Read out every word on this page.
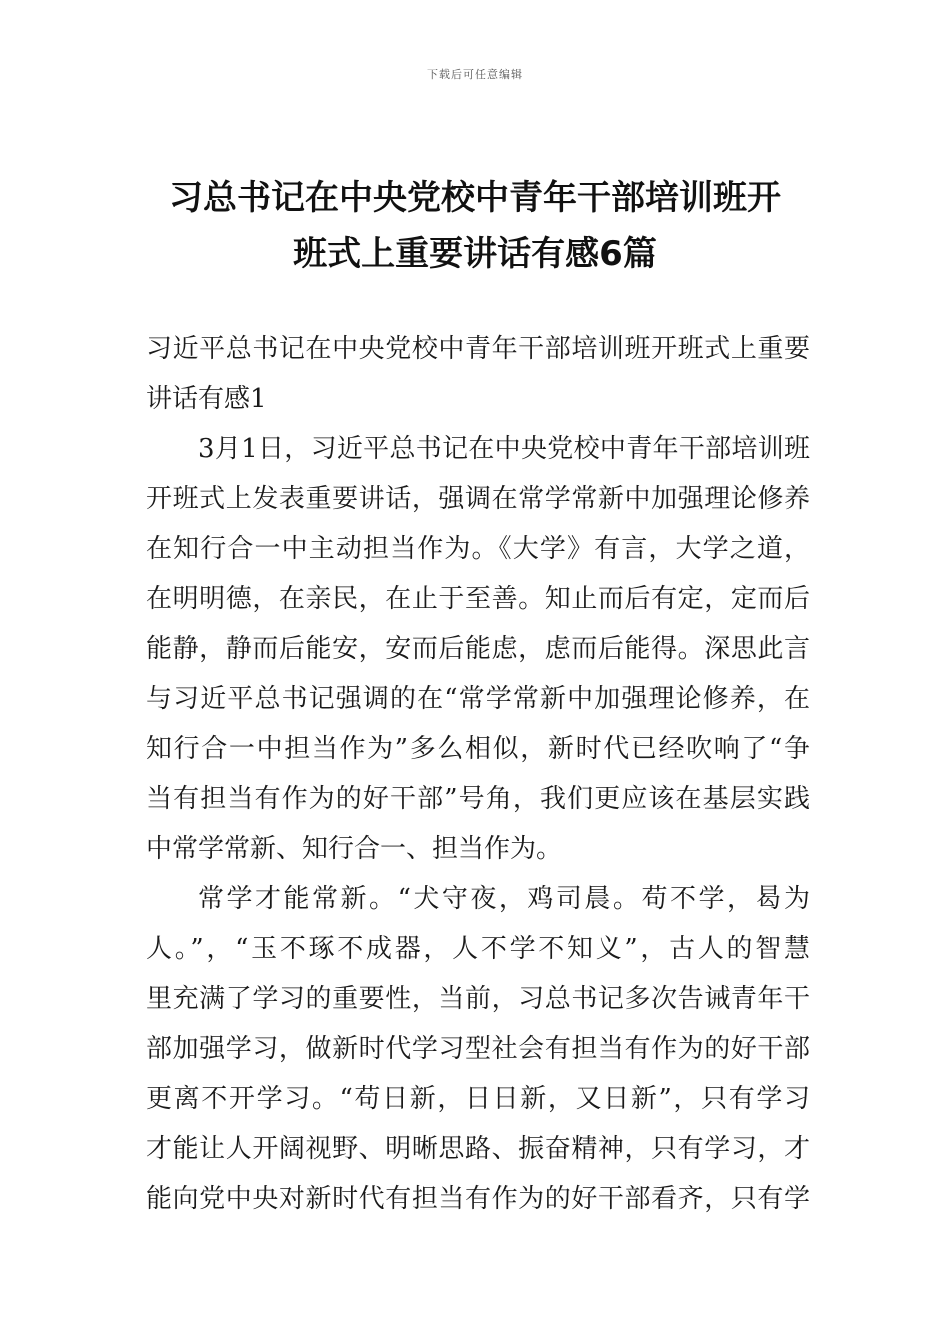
下载后可任意编辑
习总书记在中央党校中青年干部培训班开
班式上重要讲话有感6篇
习近平总书记在中央党校中青年干部培训班开班式上重要
讲话有感1
3月1日，习近平总书记在中央党校中青年干部培训班
开班式上发表重要讲话，强调在常学常新中加强理论修养
在知行合一中主动担当作为。《大学》有言，大学之道，
在明明德，在亲民，在止于至善。知止而后有定，定而后
能静，静而后能安，安而后能虑，虑而后能得。深思此言
与习近平总书记强调的在“常学常新中加强理论修养，在
知行合一中担当作为”多么相似，新时代已经吹响了“争
当有担当有作为的好干部”号角，我们更应该在基层实践
中常学常新、知行合一、担当作为。
常学才能常新。“犬守夜，鸡司晨。苟不学，曷为
人。”，“玉不琢不成器，人不学不知义”，古人的智慧
里充满了学习的重要性，当前，习总书记多次告诫青年干
部加强学习，做新时代学习型社会有担当有作为的好干部
更离不开学习。“苟日新，日日新，又日新”，只有学习
才能让人开阔视野、明晰思路、振奋精神，只有学习，才
能向党中央对新时代有担当有作为的好干部看齐，只有学
